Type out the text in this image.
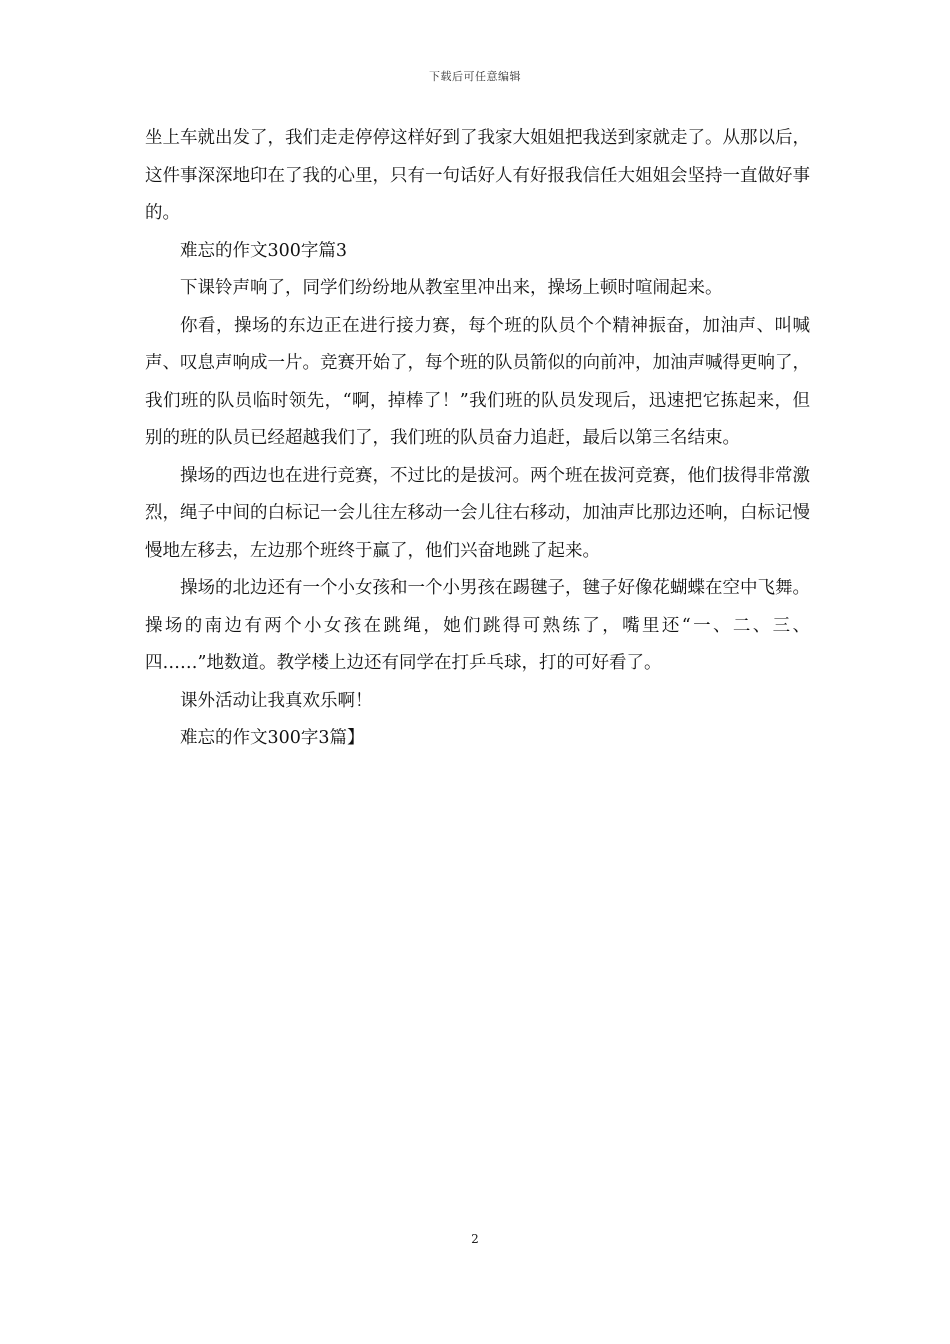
下载后可任意编辑

坐上车就出发了，我们走走停停这样好到了我家大姐姐把我送到家就走了。从那以后，这件事深深地印在了我的心里，只有一句话好人有好报我信任大姐姐会坚持一直做好事的。

难忘的作文300字篇3

下课铃声响了，同学们纷纷地从教室里冲出来，操场上顿时喧闹起来。

你看，操场的东边正在进行接力赛，每个班的队员个个精神振奋，加油声、叫喊声、叹息声响成一片。竞赛开始了，每个班的队员箭似的向前冲，加油声喊得更响了，我们班的队员临时领先，“啊，掉棒了！”我们班的队员发现后，迅速把它拣起来，但别的班的队员已经超越我们了，我们班的队员奋力追赶，最后以第三名结束。

操场的西边也在进行竞赛，不过比的是拔河。两个班在拔河竞赛，他们拔得非常激烈，绳子中间的白标记一会儿往左移动一会儿往右移动，加油声比那边还响，白标记慢慢地左移去，左边那个班终于赢了，他们兴奋地跳了起来。

操场的北边还有一个小女孩和一个小男孩在踢毽子，毽子好像花蝴蝶在空中飞舞。操场的南边有两个小女孩在跳绳，她们跳得可熟练了，嘴里还“一、二、三、四……”地数道。教学楼上边还有同学在打乒乓球，打的可好看了。

课外活动让我真欢乐啊！

难忘的作文300字3篇】

2
